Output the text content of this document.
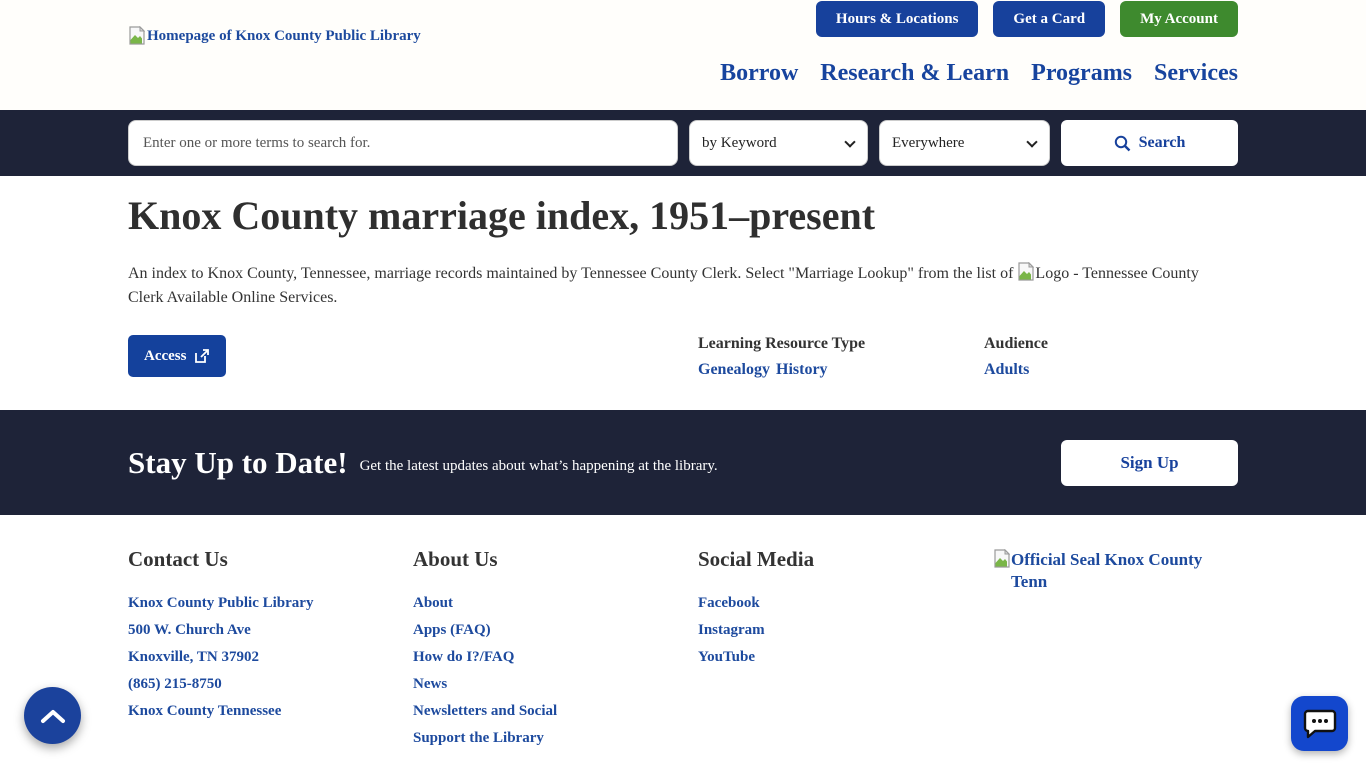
Homepage of Knox County Public Library
Hours & Locations	Get a Card	My Account
Borrow Research & Learn Programs Services
Enter one or more terms to search for.
by Keyword
Everywhere
Search
Knox County marriage index, 1951–present

An index to Knox County, Tennessee, marriage records maintained by Tennessee County Clerk. Select "Marriage Lookup" from the list of
Logo - Tennessee County Clerk Available Online Services.

Access
Learning Resource Type
Genealogy History
Audience
Adults
Stay Up to Date! Get the latest updates about what’s happening at the library.	Sign Up
Contact Us
Knox County Public Library
500 W. Church Ave
Knoxville, TN 37902
(865) 215-8750
Knox County Tennessee
About Us
About
Apps (FAQ)
How do I?/FAQ
News
Newsletters and Social
Support the Library
Social Media
Facebook
Instagram
YouTube
Official Seal Knox County Tenn
